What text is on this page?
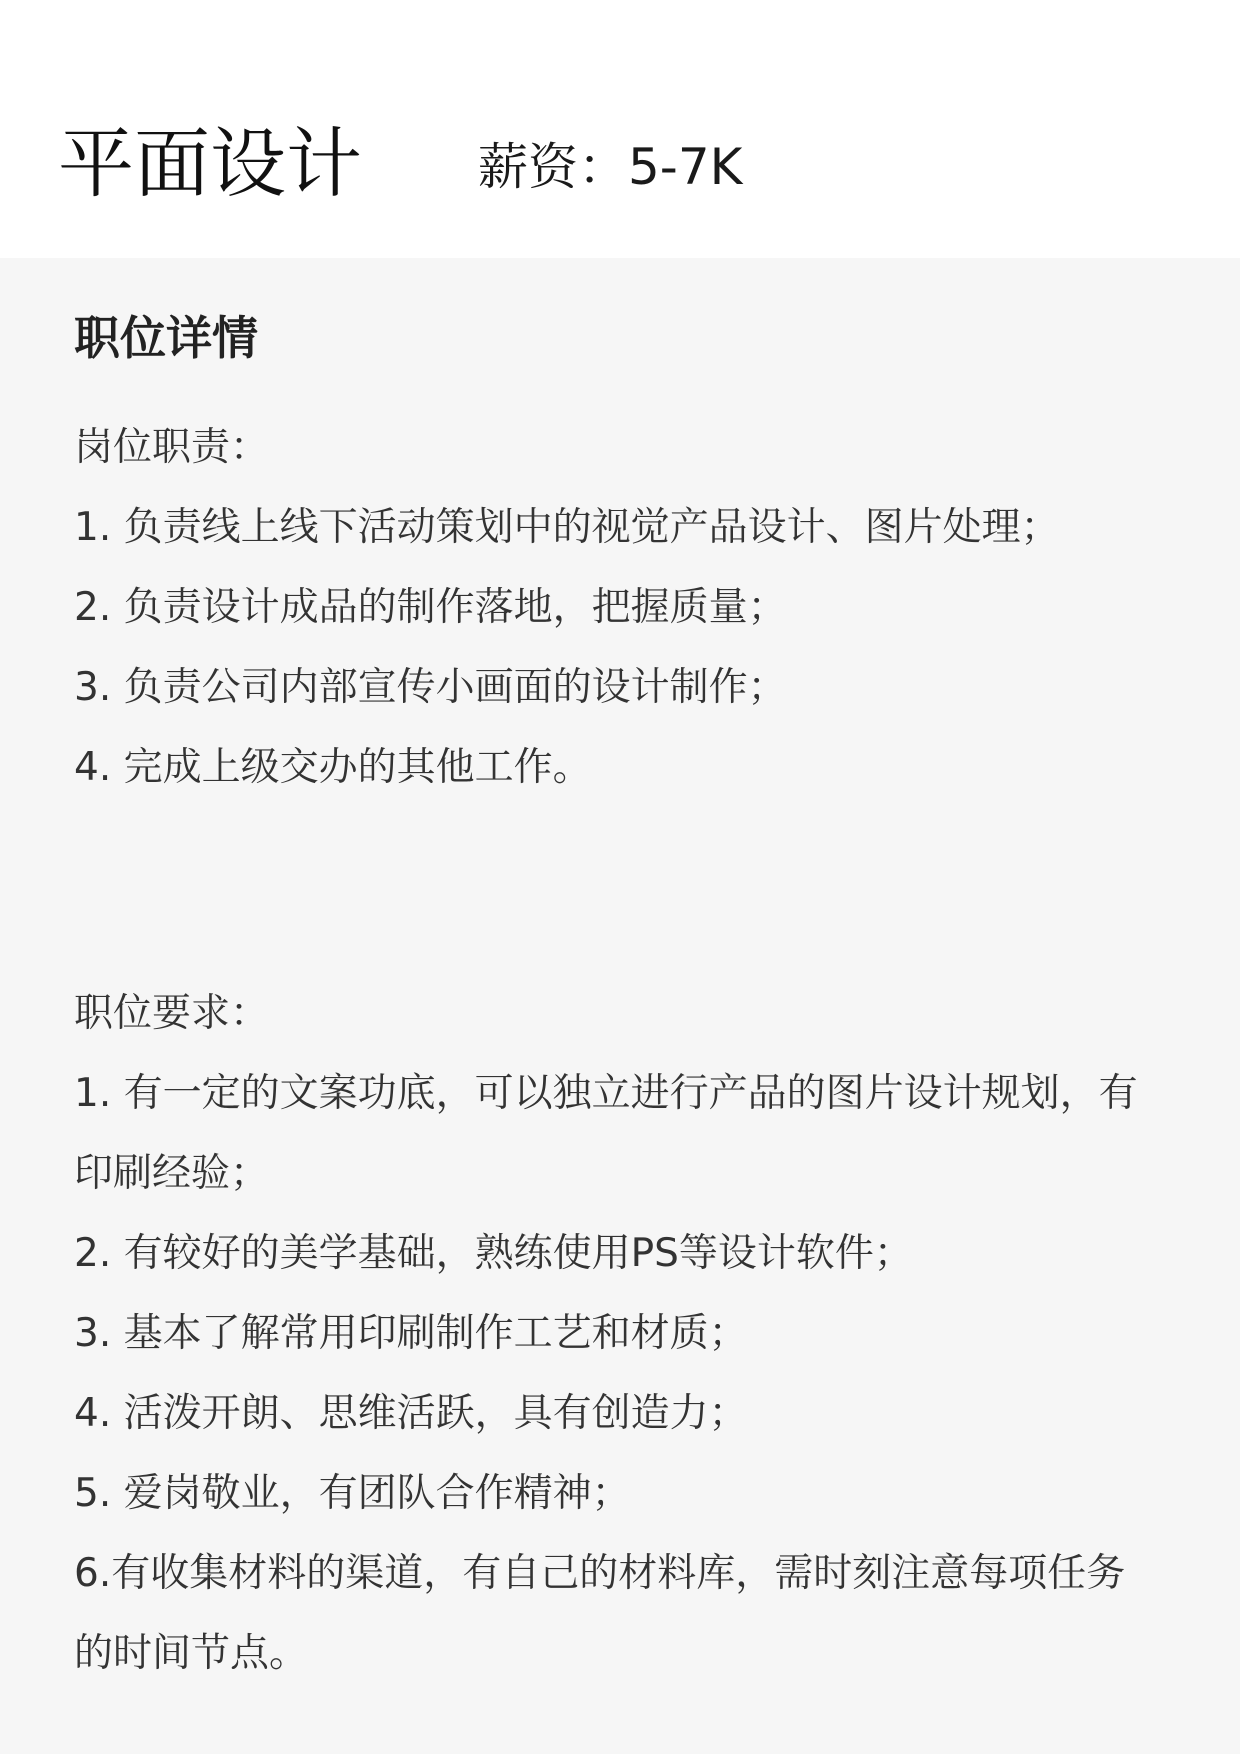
平面设计 薪资：5-7K
职位详情

岗位职责：

1. 负责线上线下活动策划中的视觉产品设计、图片处理；

2. 负责设计成品的制作落地，把握质量；

3. 负责公司内部宣传小画面的设计制作；

4. 完成上级交办的其他工作。

职位要求：

1. 有一定的文案功底，可以独立进行产品的图片设计规划，有印刷经验；

2. 有较好的美学基础，熟练使用PS等设计软件；

3. 基本了解常用印刷制作工艺和材质；

4. 活泼开朗、思维活跃，具有创造力；

5. 爱岗敬业，有团队合作精神；

6.有收集材料的渠道，有自己的材料库，需时刻注意每项任务的时间节点。
